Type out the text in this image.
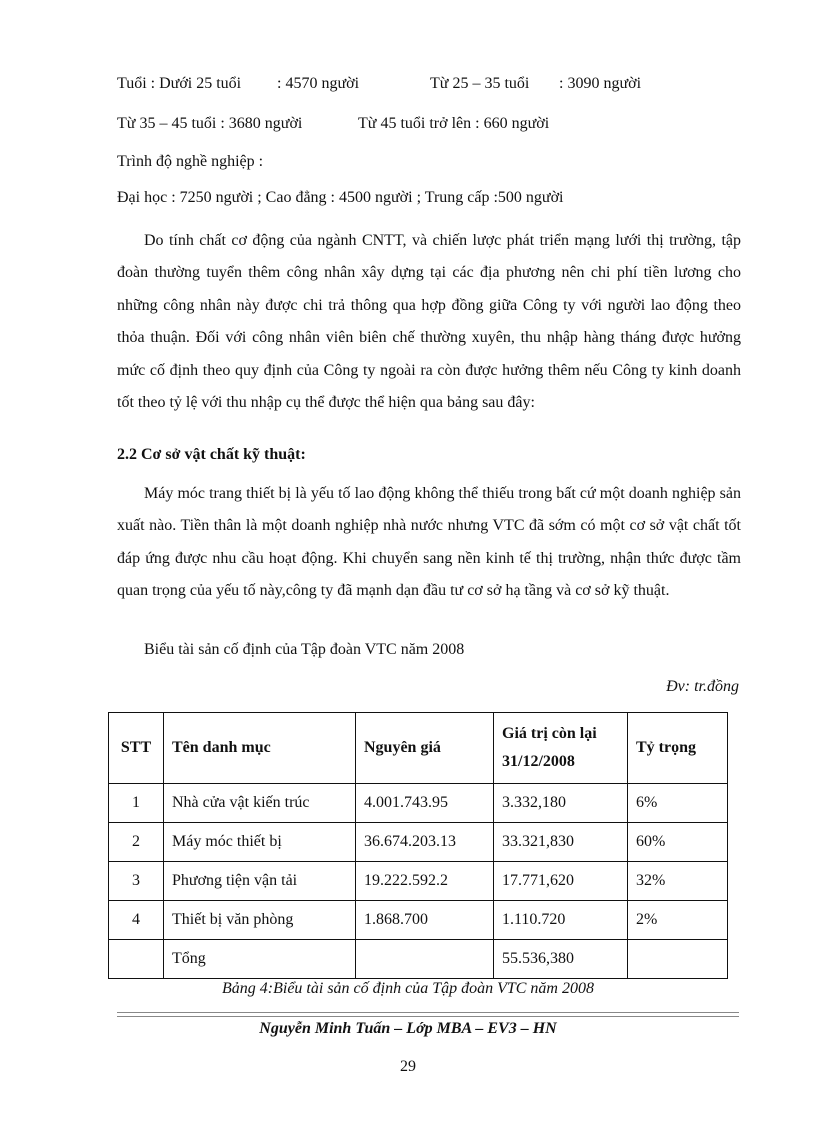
Tuổi : Dưới 25 tuổi : 4570 người	Từ 25 – 35 tuổi : 3090 người
Từ 35 – 45 tuổi : 3680 người	Từ 45 tuổi trở lên : 660 người
Trình độ nghề nghiệp :
Đại học : 7250 người ; Cao đẳng : 4500 người ; Trung cấp :500 người
Do tính chất cơ động của ngành CNTT, và chiến lược phát triển mạng lưới thị trường, tập đoàn thường tuyển thêm công nhân xây dựng tại các địa phương nên chi phí tiền lương cho những công nhân này được chi trả thông qua hợp đồng giữa Công ty với người lao động theo thỏa thuận. Đối với công nhân viên biên chế thường xuyên, thu nhập hàng tháng được hưởng mức cố định theo quy định của Công ty ngoài ra còn được hưởng thêm nếu Công ty kinh doanh tốt theo tỷ lệ với thu nhập cụ thể được thể hiện qua bảng sau đây:
2.2 Cơ sở vật chất kỹ thuật:
Máy móc trang thiết bị là yếu tố lao động không thể thiếu trong bất cứ một doanh nghiệp sản xuất nào. Tiền thân là một doanh nghiệp nhà nước nhưng VTC đã sớm có một cơ sở vật chất tốt đáp ứng được nhu cầu hoạt động. Khi chuyển sang nền kinh tế thị trường, nhận thức được tầm quan trọng của yếu tố này,công ty đã mạnh dạn đầu tư cơ sở hạ tầng và cơ sở kỹ thuật.
Biểu tài sản cố định của Tập đoàn VTC năm 2008
Đv: tr.đồng
STT	Tên danh mục	Nguyên giá	Giá trị còn lại 31/12/2008	Tỷ trọng
1	Nhà cửa vật kiến trúc	4.001.743.95	3.332,180	6%
2	Máy móc thiết bị	36.674.203.13	33.321,830	60%
3	Phương tiện vận tải	19.222.592.2	17.771,620	32%
4	Thiết bị văn phòng	1.868.700	1.110.720	2%
	Tổng		55.536,380	
Bảng 4:Biểu tài sản cố định của Tập đoàn VTC năm 2008
Nguyễn Minh Tuấn – Lớp MBA – EV3 – HN
29
